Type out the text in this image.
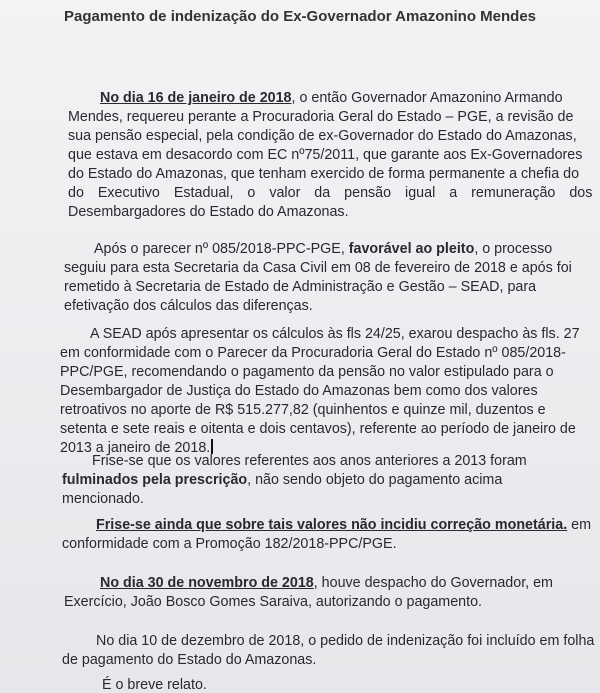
Pagamento de indenização do Ex-Governador Amazonino Mendes
No dia 16 de janeiro de 2018, o então Governador Amazonino Armando
Mendes, requereu perante a Procuradoria Geral do Estado – PGE, a revisão de
sua pensão especial, pela condição de ex-Governador do Estado do Amazonas,
que estava em desacordo com EC nº75/2011, que garante aos Ex-Governadores
do Estado do Amazonas, que tenham exercido de forma permanente a chefia do
do Executivo Estadual, o valor da pensão igual a remuneração dos
Desembargadores do Estado do Amazonas.
Após o parecer nº 085/2018-PPC-PGE, favorável ao pleito, o processo
seguiu para esta Secretaria da Casa Civil em 08 de fevereiro de 2018 e após foi
remetido à Secretaria de Estado de Administração e Gestão – SEAD, para
efetivação dos cálculos das diferenças.
A SEAD após apresentar os cálculos às fls 24/25, exarou despacho às fls. 27
em conformidade com o Parecer da Procuradoria Geral do Estado nº 085/2018-
PPC/PGE, recomendando o pagamento da pensão no valor estipulado para o
Desembargador de Justiça do Estado do Amazonas bem como dos valores
retroativos no aporte de R$ 515.277,82 (quinhentos e quinze mil, duzentos e
setenta e sete reais e oitenta e dois centavos), referente ao período de janeiro de
2013 a janeiro de 2018.
Frise-se que os valores referentes aos anos anteriores a 2013 foram
fulminados pela prescrição, não sendo objeto do pagamento acima
mencionado.
Frise-se ainda que sobre tais valores não incidiu correção monetária. em
conformidade com a Promoção 182/2018-PPC/PGE.
No dia 30 de novembro de 2018, houve despacho do Governador, em
Exercício, João Bosco Gomes Saraiva, autorizando o pagamento.
No dia 10 de dezembro de 2018, o pedido de indenização foi incluído em folha
de pagamento do Estado do Amazonas.
É o breve relato.
